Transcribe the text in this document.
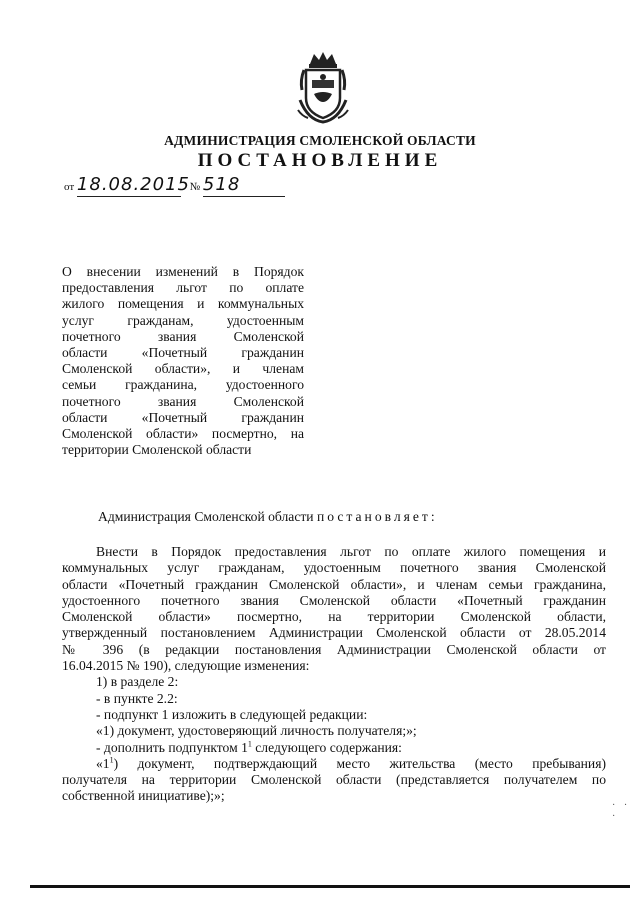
АДМИНИСТРАЦИЯ СМОЛЕНСКОЙ ОБЛАСТИ
ПОСТАНОВЛЕНИЕ
от 18.08.2015 № 518
О внесении изменений в Порядок
предоставления льгот по оплате
жилого помещения и коммунальных
услуг гражданам, удостоенным
почетного звания Смоленской
области «Почетный гражданин
Смоленской области», и членам
семьи гражданина, удостоенного
почетного звания Смоленской
области «Почетный гражданин
Смоленской области» посмертно, на
территории Смоленской области
Администрация Смоленской области постановляет:
Внести в Порядок предоставления льгот по оплате жилого помещения и
коммунальных услуг гражданам, удостоенным почетного звания Смоленской
области «Почетный гражданин Смоленской области», и членам семьи гражданина,
удостоенного почетного звания Смоленской области «Почетный гражданин
Смоленской области» посмертно, на территории Смоленской области,
утвержденный постановлением Администрации Смоленской области от 28.05.2014
№ 396 (в редакции постановления Администрации Смоленской области от
16.04.2015 № 190), следующие изменения:
1) в разделе 2:
- в пункте 2.2:
- подпункт 1 изложить в следующей редакции:
«1) документ, удостоверяющий личность получателя;»;
- дополнить подпунктом $1^1$ следующего содержания:
«$1^1$) документ, подтверждающий место жительства (место пребывания)
получателя на территории Смоленской области (представляется получателем по
собственной инициативе);»;
· · ·
